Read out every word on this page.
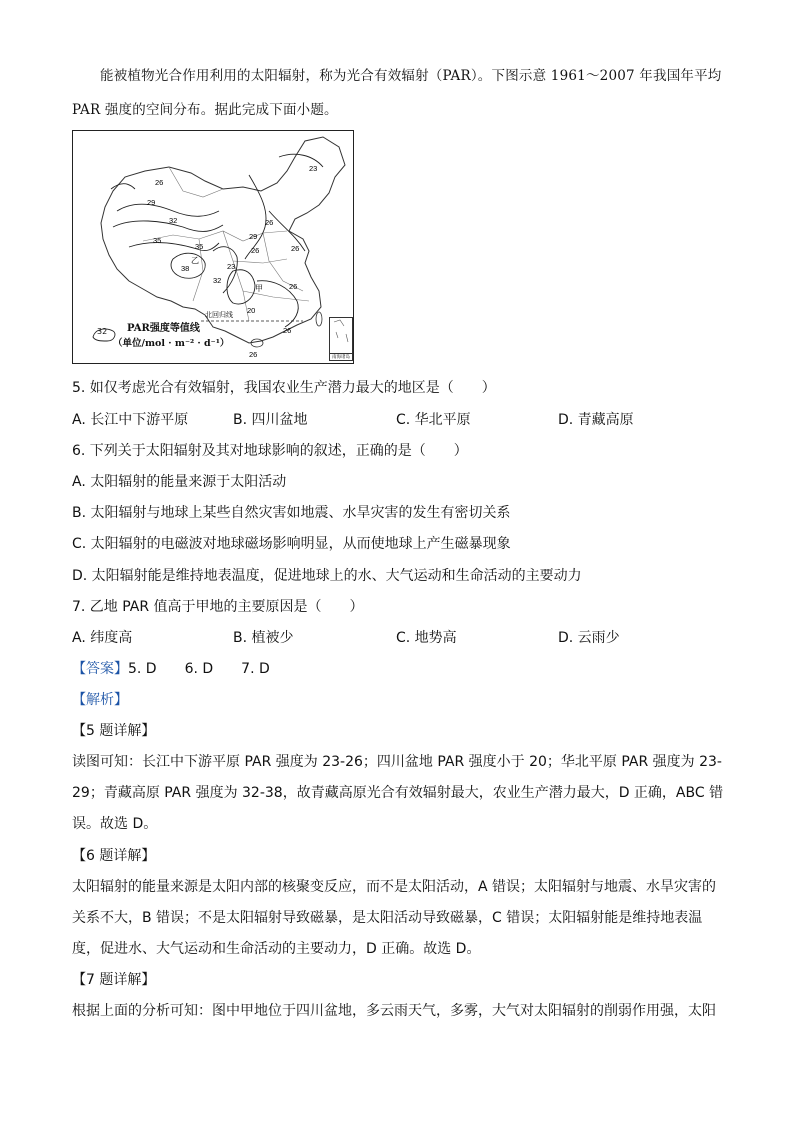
能被植物光合作用利用的太阳辐射，称为光合有效辐射（PAR）。下图示意 1961～2007 年我国年平均
PAR 强度的空间分布。据此完成下面小题。
26
23
29
32
35
35
38
32
26
29
26
23
26
26
20
26
26
甲
乙
北回归线
32 PAR强度等值线
（单位/mol · m⁻² · d⁻¹）
南海诸岛
5. 如仅考虑光合有效辐射，我国农业生产潜力最大的地区是（　　）
A. 长江中下游平原	B. 四川盆地	C. 华北平原	D. 青藏高原
6. 下列关于太阳辐射及其对地球影响的叙述，正确的是（　　）
A. 太阳辐射的能量来源于太阳活动
B. 太阳辐射与地球上某些自然灾害如地震、水旱灾害的发生有密切关系
C. 太阳辐射的电磁波对地球磁场影响明显，从而使地球上产生磁暴现象
D. 太阳辐射能是维持地表温度，促进地球上的水、大气运动和生命活动的主要动力
7. 乙地 PAR 值高于甲地的主要原因是（　　）
A. 纬度高	B. 植被少	C. 地势高	D. 云雨少
【答案】5. D　　6. D　　7. D
【解析】
【5 题详解】
读图可知：长江中下游平原 PAR 强度为 23-26；四川盆地 PAR 强度小于 20；华北平原 PAR 强度为 23-
29；青藏高原 PAR 强度为 32-38，故青藏高原光合有效辐射最大，农业生产潜力最大，D 正确，ABC 错
误。故选 D。
【6 题详解】
太阳辐射的能量来源是太阳内部的核聚变反应，而不是太阳活动，A 错误；太阳辐射与地震、水旱灾害的
关系不大，B 错误；不是太阳辐射导致磁暴，是太阳活动导致磁暴，C 错误；太阳辐射能是维持地表温
度，促进水、大气运动和生命活动的主要动力，D 正确。故选 D。
【7 题详解】
根据上面的分析可知：图中甲地位于四川盆地，多云雨天气，多雾，大气对太阳辐射的削弱作用强，太阳
